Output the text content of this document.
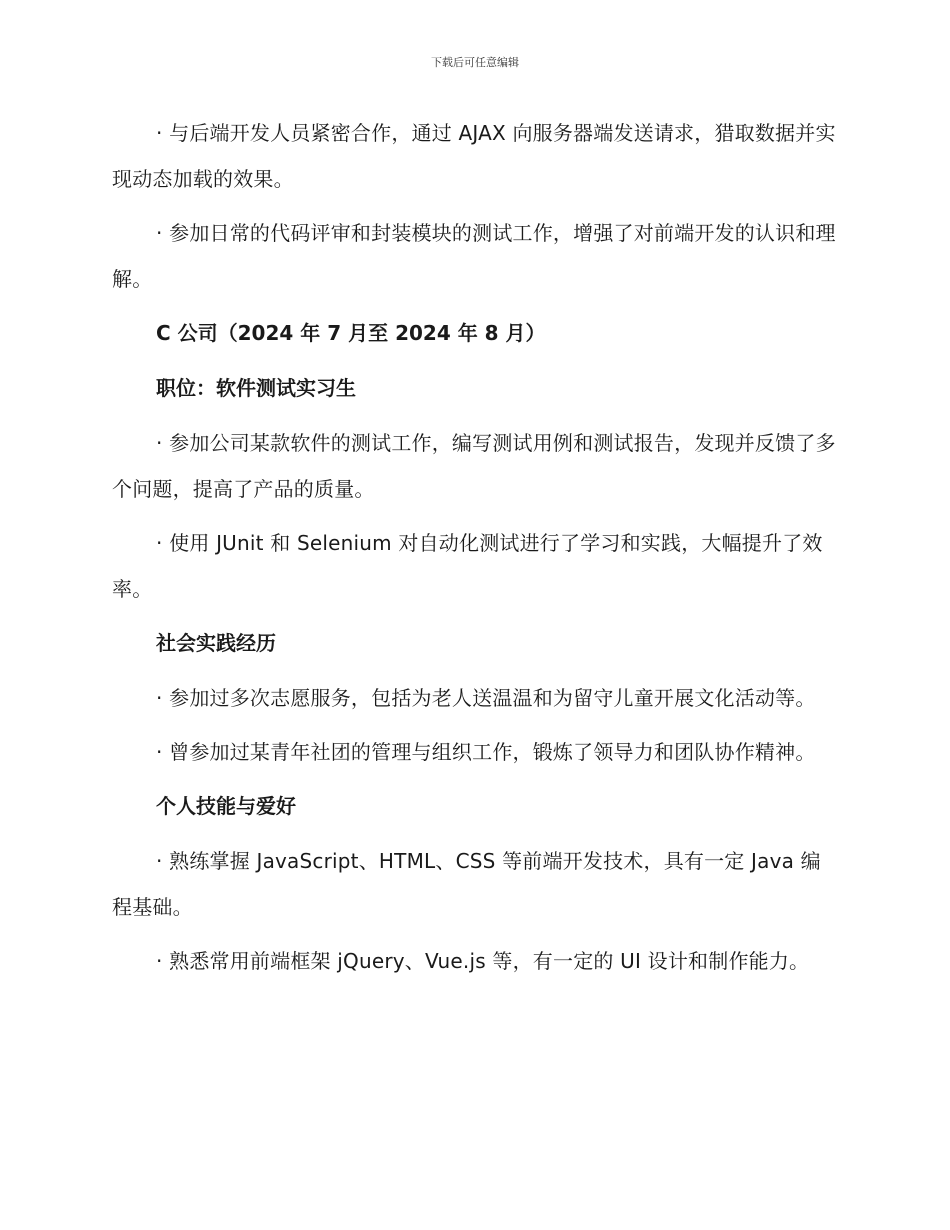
下载后可任意编辑

· 与后端开发人员紧密合作，通过 AJAX 向服务器端发送请求，猎取数据并实现动态加载的效果。

· 参加日常的代码评审和封装模块的测试工作，增强了对前端开发的认识和理解。

C 公司（2024 年 7 月至 2024 年 8 月）

职位：软件测试实习生

· 参加公司某款软件的测试工作，编写测试用例和测试报告，发现并反馈了多个问题，提高了产品的质量。

· 使用 JUnit 和 Selenium 对自动化测试进行了学习和实践，大幅提升了效率。

社会实践经历

· 参加过多次志愿服务，包括为老人送温温和为留守儿童开展文化活动等。

· 曾参加过某青年社团的管理与组织工作，锻炼了领导力和团队协作精神。

个人技能与爱好

· 熟练掌握 JavaScript、HTML、CSS 等前端开发技术，具有一定 Java 编程基础。

· 熟悉常用前端框架 jQuery、Vue.js 等，有一定的 UI 设计和制作能力。
